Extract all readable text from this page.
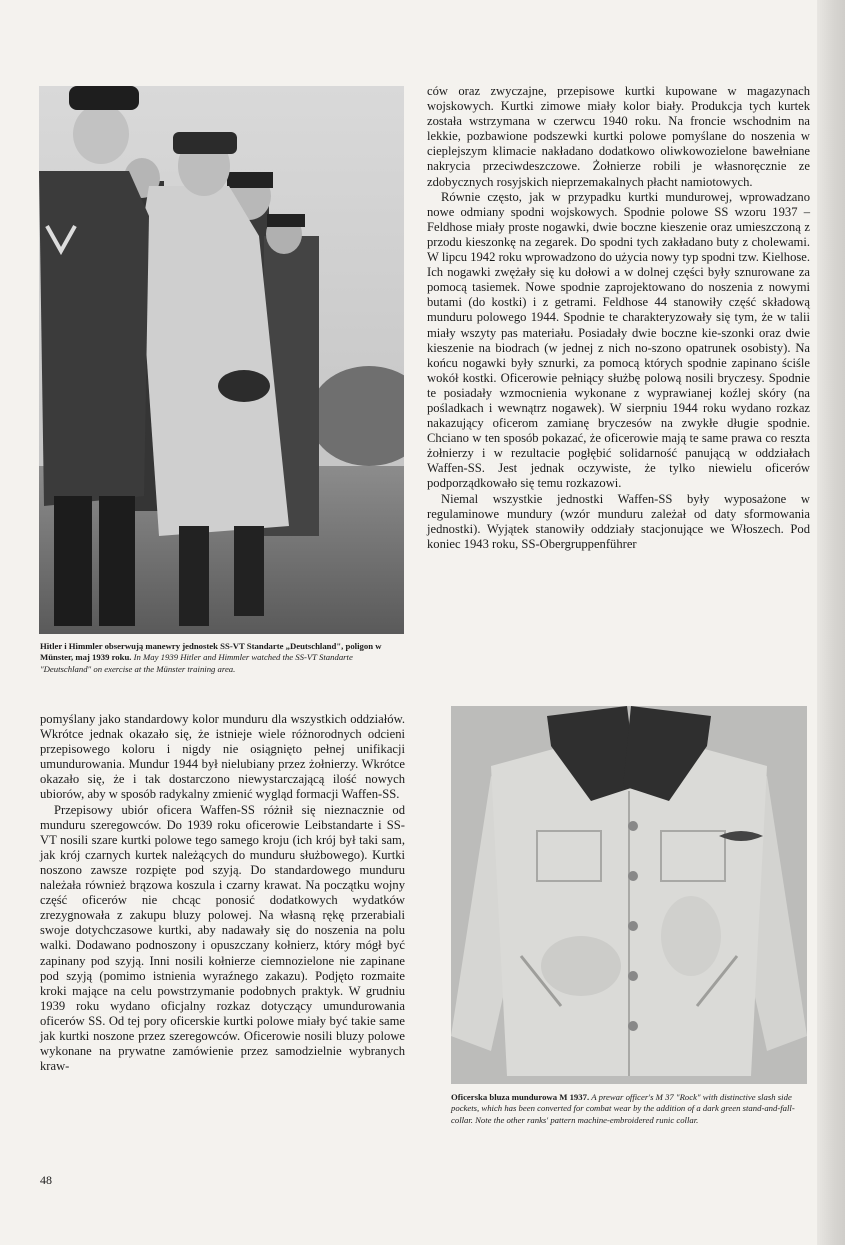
Hitler i Himmler obserwują manewry jednostek SS-VT Standarte „Deutschland", poligon w Münster, maj 1939 roku. In May 1939 Hitler and Himmler watched the SS-VT Standarte "Deutschland" on exercise at the Münster training area.

pomyślany jako standardowy kolor munduru dla wszystkich oddziałów. Wkrótce jednak okazało się, że istnieje wiele różnorodnych odcieni przepisowego koloru i nigdy nie osiągnięto pełnej unifikacji umundurowania. Mundur 1944 był nielubiany przez żołnierzy. Wkrótce okazało się, że i tak dostarczono niewystarczającą ilość nowych ubiorów, aby w sposób radykalny zmienić wygląd formacji Waffen-SS.

Przepisowy ubiór oficera Waffen-SS różnił się nieznacznie od munduru szeregowców. Do 1939 roku oficerowie Leibstandarte i SS-VT nosili szare kurtki polowe tego samego kroju (ich krój był taki sam, jak krój czarnych kurtek należących do munduru służbowego). Kurtki noszono zawsze rozpięte pod szyją. Do standardowego munduru należała również brązowa koszula i czarny krawat. Na początku wojny część oficerów nie chcąc ponosić dodatkowych wydatków zrezygnowała z zakupu bluzy polowej. Na własną rękę przerabiali swoje dotychczasowe kurtki, aby nadawały się do noszenia na polu walki. Dodawano podnoszony i opuszczany kołnierz, który mógł być zapinany pod szyją. Inni nosili kołnierze ciemnozielone nie zapinane pod szyją (pomimo istnienia wyraźnego zakazu). Podjęto rozmaite kroki mające na celu powstrzymanie podobnych praktyk. W grudniu 1939 roku wydano oficjalny rozkaz dotyczący umundurowania oficerów SS. Od tej pory oficerskie kurtki polowe miały być takie same jak kurtki noszone przez szeregowców. Oficerowie nosili bluzy polowe wykonane na prywatne zamówienie przez samodzielnie wybranych kraw-

ców oraz zwyczajne, przepisowe kurtki kupowane w magazynach wojskowych. Kurtki zimowe miały kolor biały. Produkcja tych kurtek została wstrzymana w czerwcu 1940 roku. Na froncie wschodnim na lekkie, pozbawione podszewki kurtki polowe pomyślane do noszenia w cieplejszym klimacie nakładano dodatkowo oliwkowozielone bawełniane nakrycia przeciwdeszczowe. Żołnierze robili je własnoręcznie ze zdobycznych rosyjskich nieprzemakalnych płacht namiotowych.

Równie często, jak w przypadku kurtki mundurowej, wprowadzano nowe odmiany spodni wojskowych. Spodnie polowe SS wzoru 1937 – Feldhose miały proste nogawki, dwie boczne kieszenie oraz umieszczoną z przodu kieszonkę na zegarek. Do spodni tych zakładano buty z cholewami. W lipcu 1942 roku wprowadzono do użycia nowy typ spodni tzw. Kielhose. Ich nogawki zwężały się ku dołowi a w dolnej części były sznurowane za pomocą tasiemek. Nowe spodnie zaprojektowano do noszenia z nowymi butami (do kostki) i z getrami. Feldhose 44 stanowiły część składową munduru polowego 1944. Spodnie te charakteryzowały się tym, że w talii miały wszyty pas materiału. Posiadały dwie boczne kie-szonki oraz dwie kieszenie na biodrach (w jednej z nich no-szono opatrunek osobisty). Na końcu nogawki były sznurki, za pomocą których spodnie zapinano ściśle wokół kostki. Oficerowie pełniący służbę polową nosili bryczesy. Spodnie te posiadały wzmocnienia wykonane z wyprawianej koźlej skóry (na pośladkach i wewnątrz nogawek). W sierpniu 1944 roku wydano rozkaz nakazujący oficerom zamianę bryczesów na zwykłe długie spodnie. Chciano w ten sposób pokazać, że oficerowie mają te same prawa co reszta żołnierzy i w rezultacie pogłębić solidarność panującą w oddziałach Waffen-SS. Jest jednak oczywiste, że tylko niewielu oficerów podporządkowało się temu rozkazowi.

Niemal wszystkie jednostki Waffen-SS były wyposażone w regulaminowe mundury (wzór munduru zależał od daty sformowania jednostki). Wyjątek stanowiły oddziały stacjonujące we Włoszech. Pod koniec 1943 roku, SS-Obergruppenführer

Oficerska bluza mundurowa M 1937. A prewar officer's M 37 "Rock" with distinctive slash side pockets, which has been converted for combat wear by the addition of a dark green stand-and-fall-collar. Note the other ranks' pattern machine-embroidered runic collar.
48
